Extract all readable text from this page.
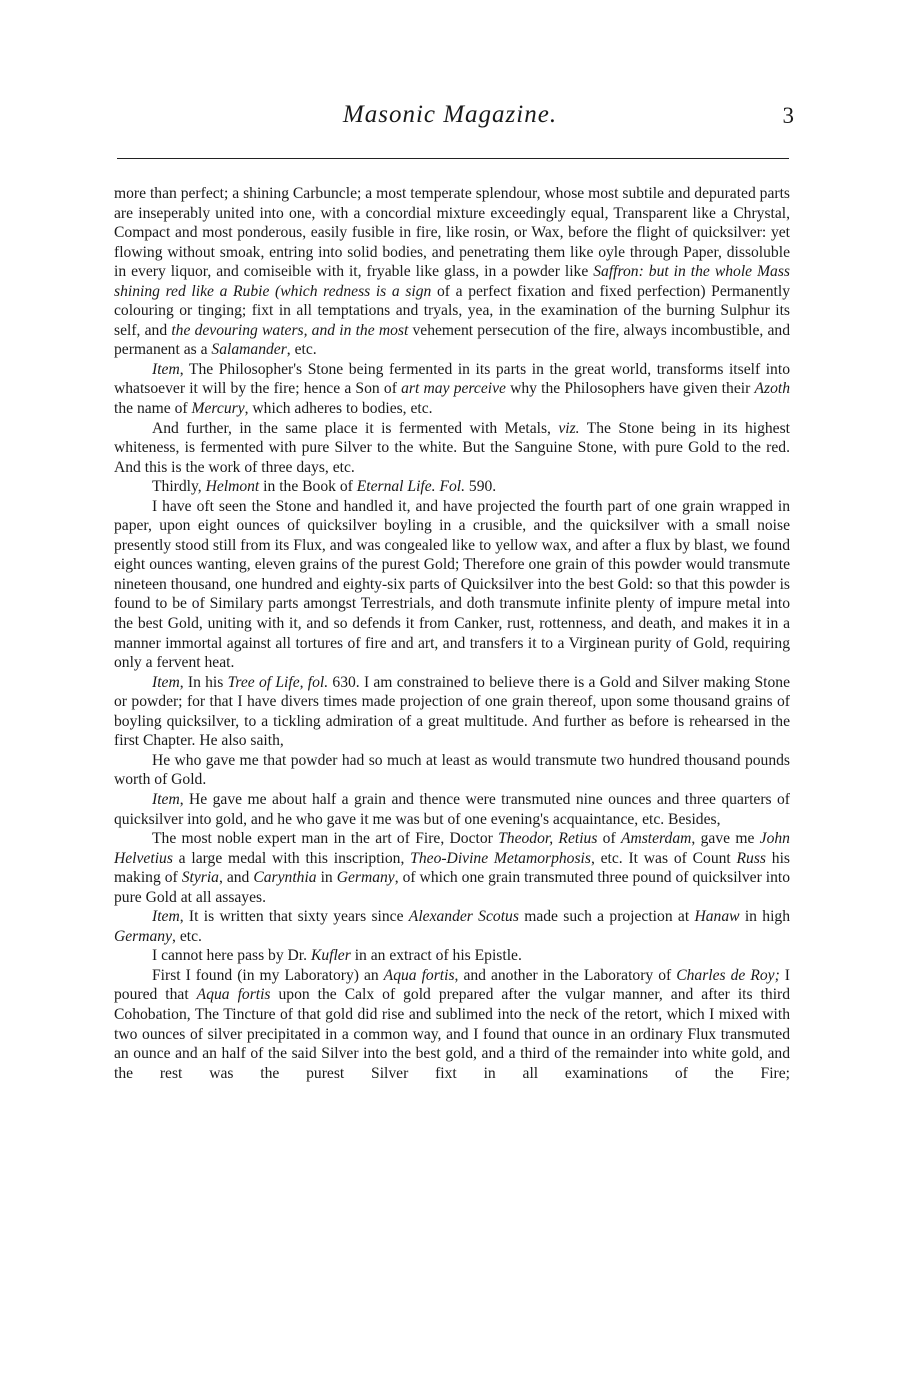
Masonic Magazine.	3

more than perfect; a shining Carbuncle; a most temperate splendour, whose most subtile and depurated parts are inseperably united into one, with a concordial mixture exceedingly equal, Transparent like a Chrystal, Compact and most ponderous, easily fusible in fire, like rosin, or Wax, before the flight of quicksilver: yet flowing without smoak, entring into solid bodies, and penetrating them like oyle through Paper, dissoluble in every liquor, and comiseible with it, fryable like glass, in a powder like Saffron: but in the whole Mass shining red like a Rubie (which redness is a sign of a perfect fixation and fixed perfection) Permanently colouring or tinging; fixt in all temptations and tryals, yea, in the examination of the burning Sulphur its self, and the devouring waters, and in the most vehement persecution of the fire, always incombustible, and permanent as a Salamander, etc.

Item, The Philosopher's Stone being fermented in its parts in the great world, transforms itself into whatsoever it will by the fire; hence a Son of art may perceive why the Philosophers have given their Azoth the name of Mercury, which adheres to bodies, etc.

And further, in the same place it is fermented with Metals, viz. The Stone being in its highest whiteness, is fermented with pure Silver to the white. But the Sanguine Stone, with pure Gold to the red. And this is the work of three days, etc.

Thirdly, Helmont in the Book of Eternal Life. Fol. 590.

I have oft seen the Stone and handled it, and have projected the fourth part of one grain wrapped in paper, upon eight ounces of quicksilver boyling in a crusible, and the quicksilver with a small noise presently stood still from its Flux, and was congealed like to yellow wax, and after a flux by blast, we found eight ounces wanting, eleven grains of the purest Gold; Therefore one grain of this powder would transmute nineteen thousand, one hundred and eighty-six parts of Quicksilver into the best Gold: so that this powder is found to be of Similary parts amongst Terrestrials, and doth transmute infinite plenty of impure metal into the best Gold, uniting with it, and so defends it from Canker, rust, rottenness, and death, and makes it in a manner immortal against all tortures of fire and art, and transfers it to a Virginean purity of Gold, requiring only a fervent heat.

Item, In his Tree of Life, fol. 630. I am constrained to believe there is a Gold and Silver making Stone or powder; for that I have divers times made projection of one grain thereof, upon some thousand grains of boyling quicksilver, to a tickling admiration of a great multitude. And further as before is rehearsed in the first Chapter. He also saith,

He who gave me that powder had so much at least as would transmute two hundred thousand pounds worth of Gold.

Item, He gave me about half a grain and thence were transmuted nine ounces and three quarters of quicksilver into gold, and he who gave it me was but of one evening's acquaintance, etc. Besides,

The most noble expert man in the art of Fire, Doctor Theodor, Retius of Amsterdam, gave me John Helvetius a large medal with this inscription, Theo-Divine Metamorphosis, etc. It was of Count Russ his making of Styria, and Carynthia in Germany, of which one grain transmuted three pound of quicksilver into pure Gold at all assayes.

Item, It is written that sixty years since Alexander Scotus made such a projection at Hanaw in high Germany, etc.

I cannot here pass by Dr. Kufler in an extract of his Epistle.

First I found (in my Laboratory) an Aqua fortis, and another in the Laboratory of Charles de Roy; I poured that Aqua fortis upon the Calx of gold prepared after the vulgar manner, and after its third Cohobation, The Tincture of that gold did rise and sublimed into the neck of the retort, which I mixed with two ounces of silver precipitated in a common way, and I found that ounce in an ordinary Flux transmuted an ounce and an half of the said Silver into the best gold, and a third of the remainder into white gold, and the rest was the purest Silver fixt in all examinations of the Fire;
